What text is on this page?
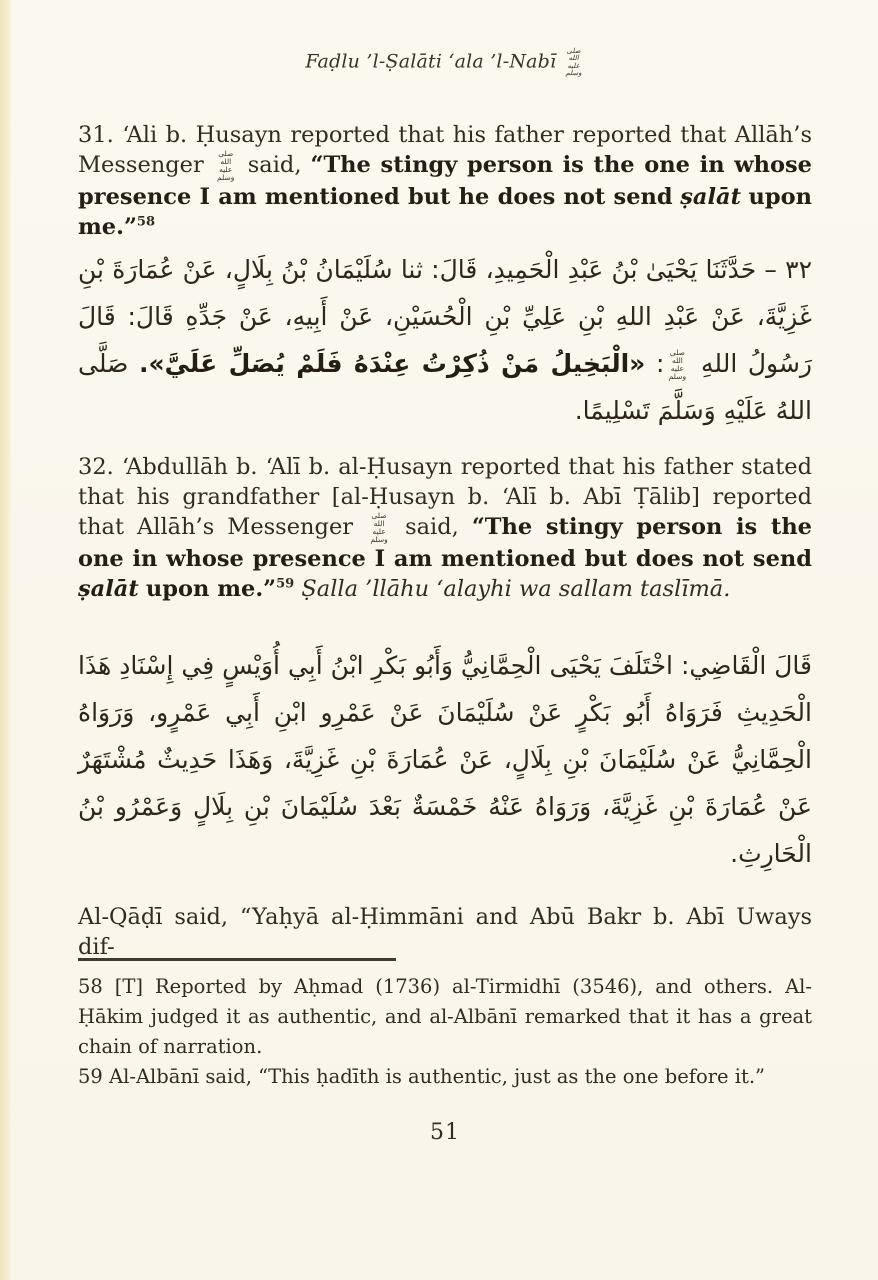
Faḍlu ’l-Ṣalāti ‘ala ’l-Nabī صلى الله عليه وسلم

31. ‘Ali b. Ḥusayn reported that his father reported that Allāh’s Messenger صلى الله عليه وسلم said, “The stingy person is the one in whose presence I am mentioned but he does not send ṣalāt upon me.”$^{58}$

٣٢ – حَدَّثَنَا يَحْيَىٰ بْنُ عَبْدِ الْحَمِيدِ، قَالَ: ثنا سُلَيْمَانُ بْنُ بِلَالٍ، عَنْ عُمَارَةَ بْنِ غَزِيَّةَ، عَنْ عَبْدِ اللهِ بْنِ عَلِيِّ بْنِ الْحُسَيْنِ، عَنْ أَبِيهِ، عَنْ جَدِّهِ قَالَ: قَالَ رَسُولُ اللهِ صلى الله عليه وسلم: «الْبَخِيلُ مَنْ ذُكِرْتُ عِنْدَهُ فَلَمْ يُصَلِّ عَلَيَّ». صَلَّى اللهُ عَلَيْهِ وَسَلَّمَ تَسْلِيمًا.

32. ‘Abdullāh b. ‘Alī b. al-Ḥusayn reported that his father stated that his grandfather [al-Ḥusayn b. ‘Alī b. Abī Ṭālib] reported that Allāh’s Messenger صلى الله عليه وسلم said, “The stingy person is the one in whose presence I am mentioned but does not send ṣalāt upon me.”$^{59}$ Ṣalla ’llāhu ‘alayhi wa sallam taslīmā.

قَالَ الْقَاضِي: اخْتَلَفَ يَحْيَى الْحِمَّانِيُّ وَأَبُو بَكْرِ ابْنُ أَبِي أُوَيْسٍ فِي إِسْنَادِ هَذَا الْحَدِيثِ فَرَوَاهُ أَبُو بَكْرٍ عَنْ سُلَيْمَانَ عَنْ عَمْرِو ابْنِ أَبِي عَمْرٍو، وَرَوَاهُ الْحِمَّانِيُّ عَنْ سُلَيْمَانَ بْنِ بِلَالٍ، عَنْ عُمَارَةَ بْنِ غَزِيَّةَ، وَهَذَا حَدِيثٌ مُشْتَهَرٌ عَنْ عُمَارَةَ بْنِ غَزِيَّةَ، وَرَوَاهُ عَنْهُ خَمْسَةٌ بَعْدَ سُلَيْمَانَ بْنِ بِلَالٍ وَعَمْرُو بْنُ الْحَارِثِ.

Al-Qāḍī said, “Yaḥyā al-Ḥimmāni and Abū Bakr b. Abī Uways dif-

58 [T] Reported by Aḥmad (1736) al-Tirmidhī (3546), and others. Al-Ḥākim judged it as authentic, and al-Albānī remarked that it has a great chain of narration.

59 Al-Albānī said, “This ḥadīth is authentic, just as the one before it.”

51
